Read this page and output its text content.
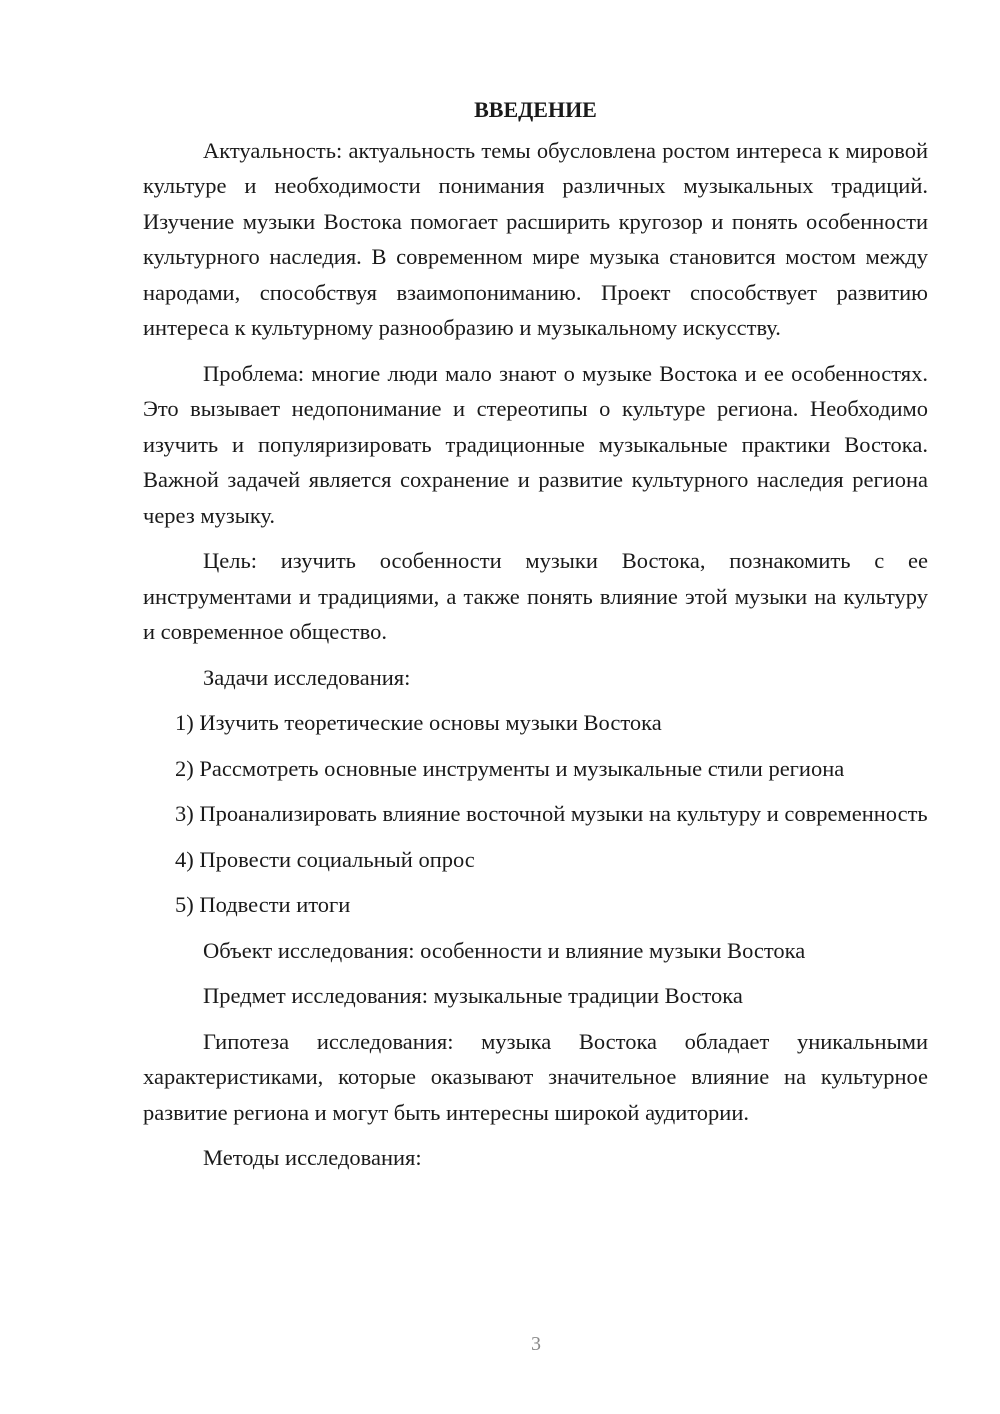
ВВЕДЕНИЕ

Актуальность: актуальность темы обусловлена ростом интереса к мировой культуре и необходимости понимания различных музыкальных традиций. Изучение музыки Востока помогает расширить кругозор и понять особенности культурного наследия. В современном мире музыка становится мостом между народами, способствуя взаимопониманию. Проект способствует развитию интереса к культурному разнообразию и музыкальному искусству.

Проблема: многие люди мало знают о музыке Востока и ее особенностях. Это вызывает недопонимание и стереотипы о культуре региона. Необходимо изучить и популяризировать традиционные музыкальные практики Востока. Важной задачей является сохранение и развитие культурного наследия региона через музыку.

Цель: изучить особенности музыки Востока, познакомить с ее инструментами и традициями, а также понять влияние этой музыки на культуру и современное общество.

Задачи исследования:

1) Изучить теоретические основы музыки Востока

2) Рассмотреть основные инструменты и музыкальные стили региона

3) Проанализировать влияние восточной музыки на культуру и современность

4) Провести социальный опрос

5) Подвести итоги

Объект исследования: особенности и влияние музыки Востока

Предмет исследования: музыкальные традиции Востока

Гипотеза исследования: музыка Востока обладает уникальными характеристиками, которые оказывают значительное влияние на культурное развитие региона и могут быть интересны широкой аудитории.

Методы исследования:

3
